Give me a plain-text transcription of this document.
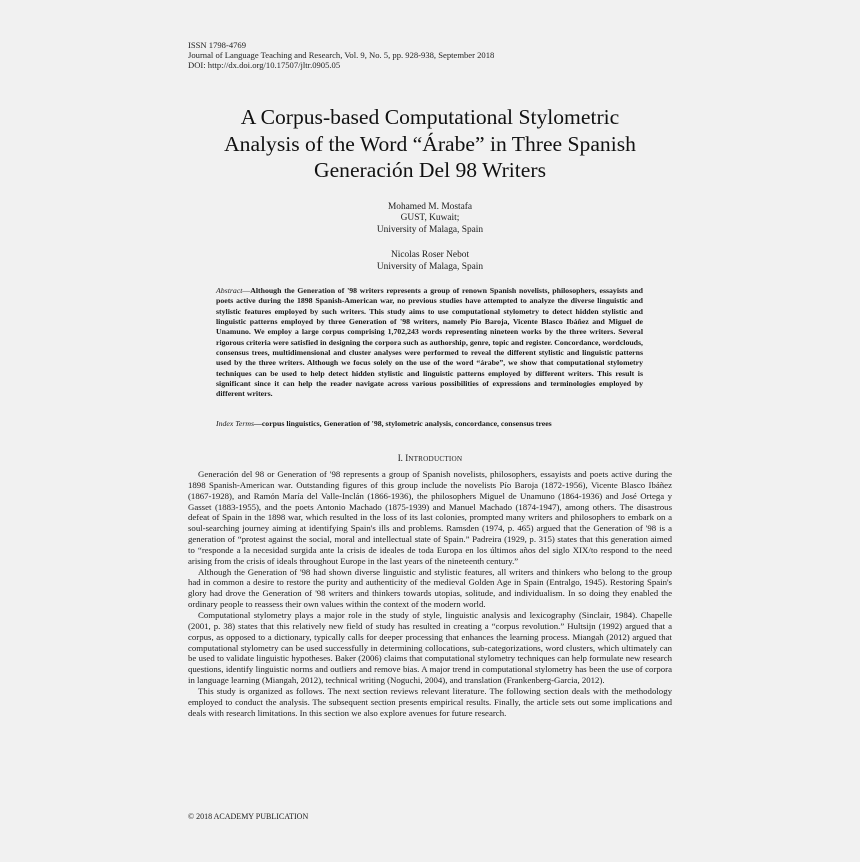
ISSN 1798-4769
Journal of Language Teaching and Research, Vol. 9, No. 5, pp. 928-938, September 2018
DOI: http://dx.doi.org/10.17507/jltr.0905.05
A Corpus-based Computational Stylometric
Analysis of the Word “Árabe” in Three Spanish
Generación Del 98 Writers
Mohamed M. Mostafa
GUST, Kuwait;
University of Malaga, Spain
Nicolas Roser Nebot
University of Malaga, Spain
Abstract—Although the Generation of '98 writers represents a group of renown Spanish novelists, philosophers, essayists and poets active during the 1898 Spanish-American war, no previous studies have attempted to analyze the diverse linguistic and stylistic features employed by such writers. This study aims to use computational stylometry to detect hidden stylistic and linguistic patterns employed by three Generation of '98 writers, namely Pío Baroja, Vicente Blasco Ibáñez and Miguel de Unamuno. We employ a large corpus comprising 1,702,243 words representing nineteen works by the three writers. Several rigorous criteria were satisfied in designing the corpora such as authorship, genre, topic and register. Concordance, wordclouds, consensus trees, multidimensional and cluster analyses were performed to reveal the different stylistic and linguistic patterns used by the three writers. Although we focus solely on the use of the word “árabe”, we show that computational stylometry techniques can be used to help detect hidden stylistic and linguistic patterns employed by different writers. This result is significant since it can help the reader navigate across various possibilities of expressions and terminologies employed by different writers.
Index Terms—corpus linguistics, Generation of '98, stylometric analysis, concordance, consensus trees
I. INTRODUCTION

Generación del 98 or Generation of '98 represents a group of Spanish novelists, philosophers, essayists and poets active during the 1898 Spanish-American war. Outstanding figures of this group include the novelists Pío Baroja (1872-1956), Vicente Blasco Ibáñez (1867-1928), and Ramón María del Valle-Inclán (1866-1936), the philosophers Miguel de Unamuno (1864-1936) and José Ortega y Gasset (1883-1955), and the poets Antonio Machado (1875-1939) and Manuel Machado (1874-1947), among others. The disastrous defeat of Spain in the 1898 war, which resulted in the loss of its last colonies, prompted many writers and philosophers to embark on a soul-searching journey aiming at identifying Spain's ills and problems. Ramsden (1974, p. 465) argued that the Generation of '98 is a generation of “protest against the social, moral and intellectual state of Spain.” Padreira (1929, p. 315) states that this generation aimed to “responde a la necesidad surgida ante la crisis de ideales de toda Europa en los últimos años del siglo XIX/to respond to the need arising from the crisis of ideals throughout Europe in the last years of the nineteenth century.”

Although the Generation of '98 had shown diverse linguistic and stylistic features, all writers and thinkers who belong to the group had in common a desire to restore the purity and authenticity of the medieval Golden Age in Spain (Entralgo, 1945). Restoring Spain's glory had drove the Generation of '98 writers and thinkers towards utopias, solitude, and individualism. In so doing they enabled the ordinary people to reassess their own values within the context of the modern world.

Computational stylometry plays a major role in the study of style, linguistic analysis and lexicography (Sinclair, 1984). Chapelle (2001, p. 38) states that this relatively new field of study has resulted in creating a “corpus revolution.” Hultsijn (1992) argued that a corpus, as opposed to a dictionary, typically calls for deeper processing that enhances the learning process. Miangah (2012) argued that computational stylometry can be used successfully in determining collocations, sub-categorizations, word clusters, which ultimately can be used to validate linguistic hypotheses. Baker (2006) claims that computational stylometry techniques can help formulate new research questions, identify linguistic norms and outliers and remove bias. A major trend in computational stylometry has been the use of corpora in language learning (Miangah, 2012), technical writing (Noguchi, 2004), and translation (Frankenberg-Garcia, 2012).

This study is organized as follows. The next section reviews relevant literature. The following section deals with the methodology employed to conduct the analysis. The subsequent section presents empirical results. Finally, the article sets out some implications and deals with research limitations. In this section we also explore avenues for future research.

© 2018 ACADEMY PUBLICATION
